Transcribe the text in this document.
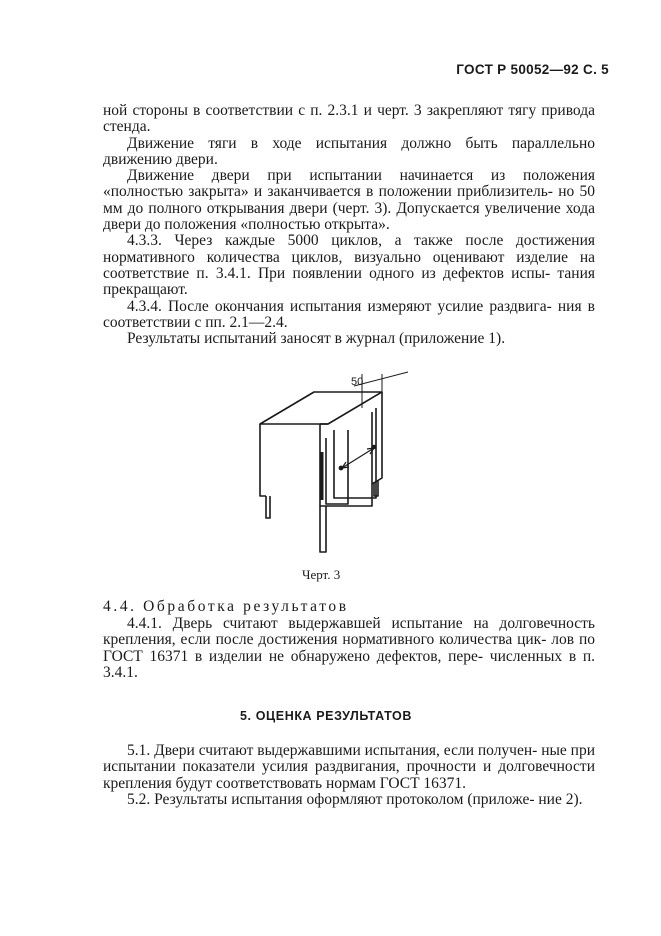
ГОСТ Р 50052—92 С. 5

ной стороны в соответствии с п. 2.3.1 и черт. 3 закрепляют тягу привода стенда.

Движение тяги в ходе испытания должно быть параллельно движению двери.

Движение двери при испытании начинается из положения «полностью закрыта» и заканчивается в положении приблизитель- но 50 мм до полного открывания двери (черт. 3). Допускается увеличение хода двери до положения «полностью открыта».

4.3.3. Через каждые 5000 циклов, а также после достижения нормативного количества циклов, визуально оценивают изделие на соответствие п. 3.4.1. При появлении одного из дефектов испы- тания прекращают.

4.3.4. После окончания испытания измеряют усилие раздвига- ния в соответствии с пп. 2.1—2.4.

Результаты испытаний заносят в журнал (приложение 1).

50
Черт. 3
4.4. Обработка результатов

4.4.1. Дверь считают выдержавшей испытание на долговечность крепления, если после достижения нормативного количества цик- лов по ГОСТ 16371 в изделии не обнаружено дефектов, пере- численных в п. 3.4.1.

5. ОЦЕНКА РЕЗУЛЬТАТОВ

5.1. Двери считают выдержавшими испытания, если получен- ные при испытании показатели усилия раздвигания, прочности и долговечности крепления будут соответствовать нормам ГОСТ 16371.

5.2. Результаты испытания оформляют протоколом (приложе- ние 2).
